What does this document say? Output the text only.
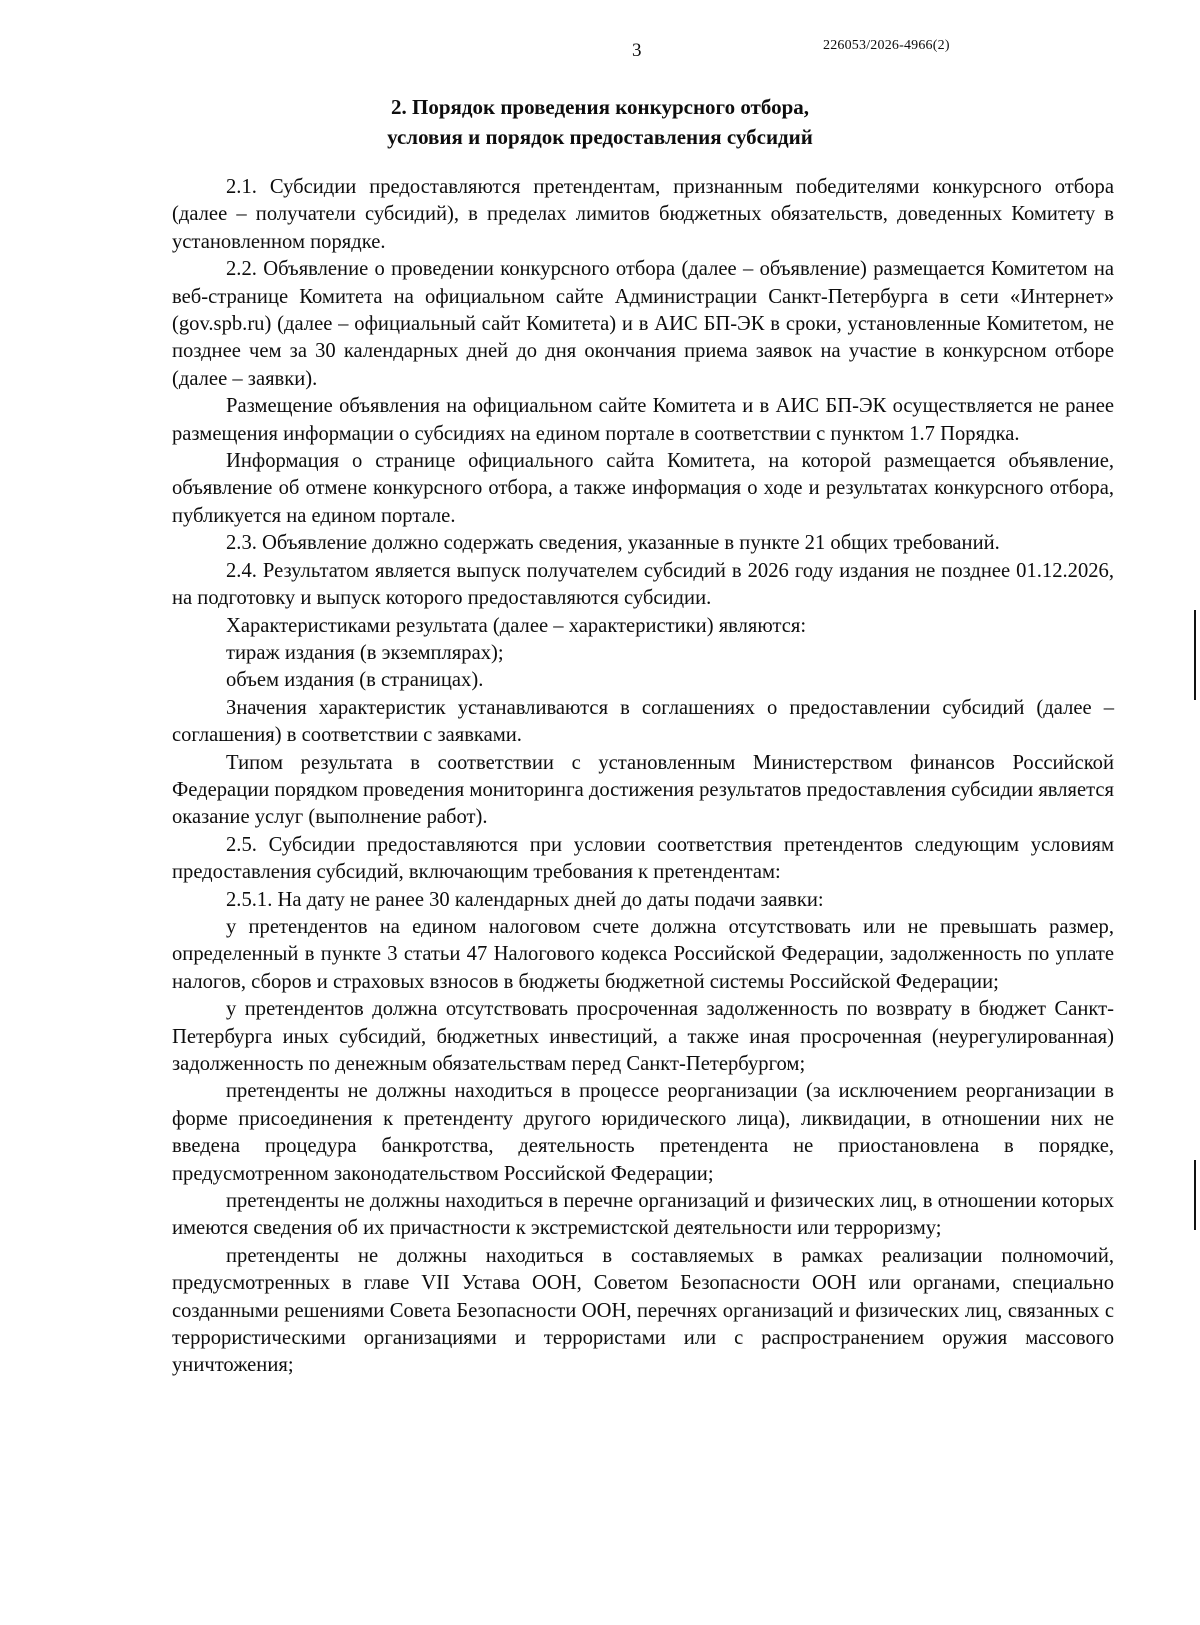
3	226053/2026-4966(2)
2. Порядок проведения конкурсного отбора,
условия и порядок предоставления субсидий

2.1. Субсидии предоставляются претендентам, признанным победителями конкурсного отбора (далее – получатели субсидий), в пределах лимитов бюджетных обязательств, доведенных Комитету в установленном порядке.

2.2. Объявление о проведении конкурсного отбора (далее – объявление) размещается Комитетом на веб-странице Комитета на официальном сайте Администрации Санкт-Петербурга в сети «Интернет» (gov.spb.ru) (далее – официальный сайт Комитета) и в АИС БП-ЭК в сроки, установленные Комитетом, не позднее чем за 30 календарных дней до дня окончания приема заявок на участие в конкурсном отборе (далее – заявки).

Размещение объявления на официальном сайте Комитета и в АИС БП-ЭК осуществляется не ранее размещения информации о субсидиях на едином портале в соответствии с пунктом 1.7 Порядка.

Информация о странице официального сайта Комитета, на которой размещается объявление, объявление об отмене конкурсного отбора, а также информация о ходе и результатах конкурсного отбора, публикуется на едином портале.

2.3. Объявление должно содержать сведения, указанные в пункте 21 общих требований.

2.4. Результатом является выпуск получателем субсидий в 2026 году издания не позднее 01.12.2026, на подготовку и выпуск которого предоставляются субсидии.

Характеристиками результата (далее – характеристики) являются:

тираж издания (в экземплярах);

объем издания (в страницах).

Значения характеристик устанавливаются в соглашениях о предоставлении субсидий (далее – соглашения) в соответствии с заявками.

Типом результата в соответствии с установленным Министерством финансов Российской Федерации порядком проведения мониторинга достижения результатов предоставления субсидии является оказание услуг (выполнение работ).

2.5. Субсидии предоставляются при условии соответствия претендентов следующим условиям предоставления субсидий, включающим требования к претендентам:

2.5.1. На дату не ранее 30 календарных дней до даты подачи заявки:

у претендентов на едином налоговом счете должна отсутствовать или не превышать размер, определенный в пункте 3 статьи 47 Налогового кодекса Российской Федерации, задолженность по уплате налогов, сборов и страховых взносов в бюджеты бюджетной системы Российской Федерации;

у претендентов должна отсутствовать просроченная задолженность по возврату в бюджет Санкт-Петербурга иных субсидий, бюджетных инвестиций, а также иная просроченная (неурегулированная) задолженность по денежным обязательствам перед Санкт-Петербургом;

претенденты не должны находиться в процессе реорганизации (за исключением реорганизации в форме присоединения к претенденту другого юридического лица), ликвидации, в отношении них не введена процедура банкротства, деятельность претендента не приостановлена в порядке, предусмотренном законодательством Российской Федерации;

претенденты не должны находиться в перечне организаций и физических лиц, в отношении которых имеются сведения об их причастности к экстремистской деятельности или терроризму;

претенденты не должны находиться в составляемых в рамках реализации полномочий, предусмотренных в главе VII Устава ООН, Советом Безопасности ООН или органами, специально созданными решениями Совета Безопасности ООН, перечнях организаций и физических лиц, связанных с террористическими организациями и террористами или с распространением оружия массового уничтожения;
